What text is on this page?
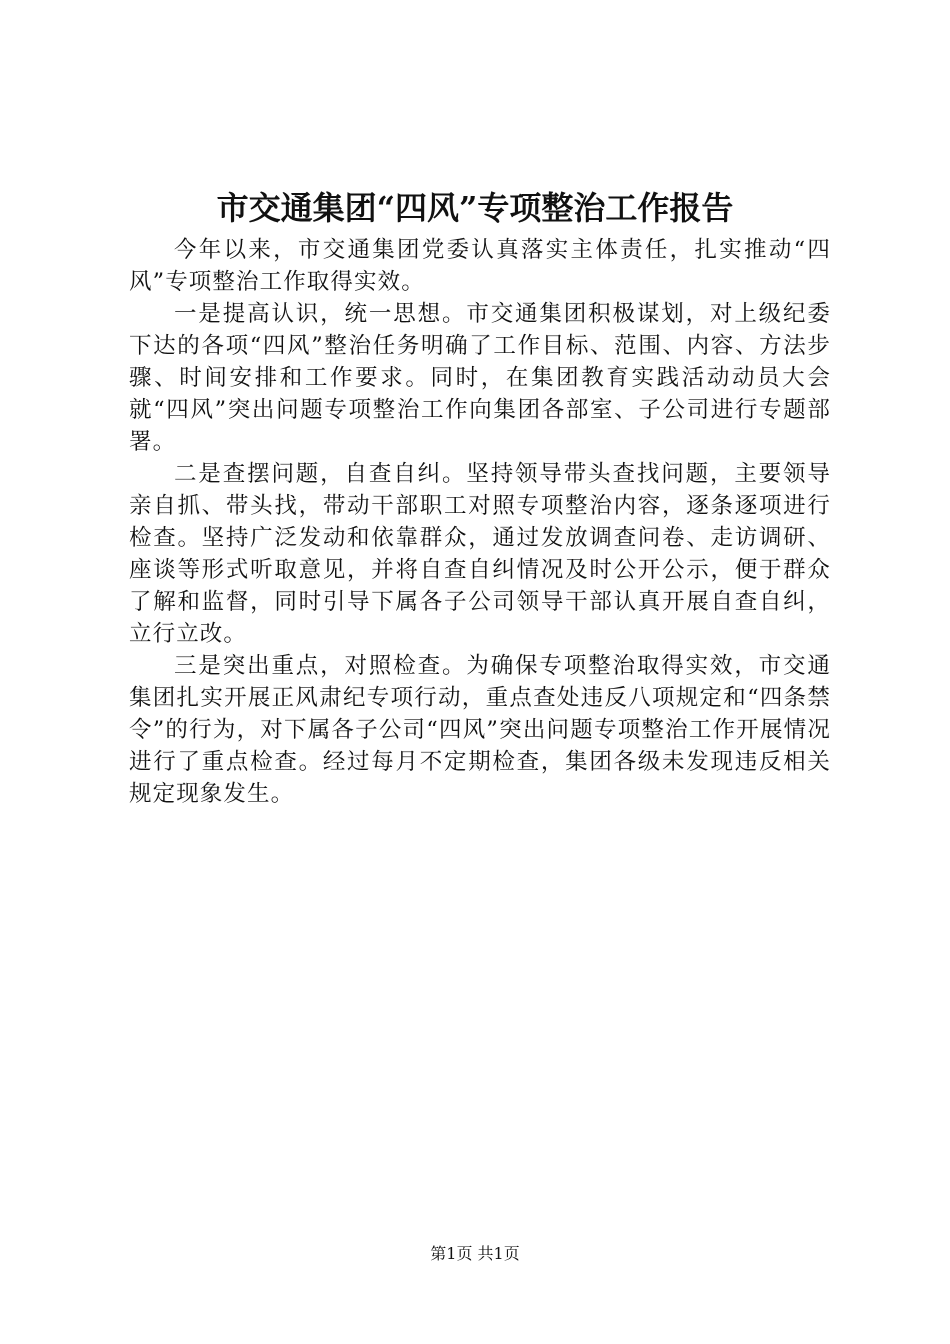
市交通集团“四风”专项整治工作报告

今年以来，市交通集团党委认真落实主体责任，扎实推动“四风”专项整治工作取得实效。

一是提高认识，统一思想。市交通集团积极谋划，对上级纪委下达的各项“四风”整治任务明确了工作目标、范围、内容、方法步骤、时间安排和工作要求。同时，在集团教育实践活动动员大会就“四风”突出问题专项整治工作向集团各部室、子公司进行专题部署。

二是查摆问题，自查自纠。坚持领导带头查找问题，主要领导亲自抓、带头找，带动干部职工对照专项整治内容，逐条逐项进行检查。坚持广泛发动和依靠群众，通过发放调查问卷、走访调研、座谈等形式听取意见，并将自查自纠情况及时公开公示，便于群众了解和监督，同时引导下属各子公司领导干部认真开展自查自纠，立行立改。

三是突出重点，对照检查。为确保专项整治取得实效，市交通集团扎实开展正风肃纪专项行动，重点查处违反八项规定和“四条禁令”的行为，对下属各子公司“四风”突出问题专项整治工作开展情况进行了重点检查。经过每月不定期检查，集团各级未发现违反相关规定现象发生。

第1页 共1页
